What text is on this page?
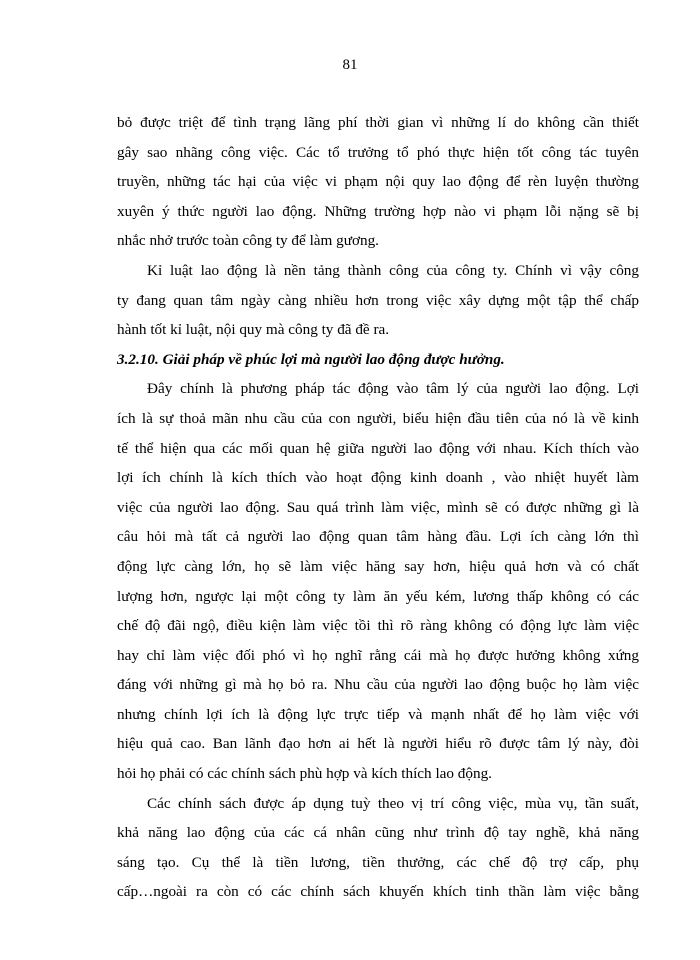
81

bỏ được triệt để tình trạng lãng phí thời gian vì những lí do không cần thiết
gây sao nhãng công việc. Các tổ trưởng tổ phó thực hiện tốt công tác tuyên
truyền, những tác hại của việc vi phạm nội quy lao động để rèn luyện thường
xuyên ý thức người lao động. Những trường hợp nào vi phạm lỗi nặng sẽ bị
nhắc nhở trước toàn công ty để làm gương.

Kỉ luật lao động là nền tảng thành công của công ty. Chính vì vậy công
ty đang quan tâm ngày càng nhiều hơn trong việc xây dựng một tập thể chấp
hành tốt kỉ luật, nội quy mà công ty đã đề ra.

3.2.10. Giải pháp về phúc lợi mà người lao động được hưởng.

Đây chính là phương pháp tác động vào tâm lý của người lao động. Lợi
ích là sự thoả mãn nhu cầu của con người, biểu hiện đầu tiên của nó là về kinh
tế thể hiện qua các mối quan hệ giữa người lao động với nhau. Kích thích vào
lợi ích chính là kích thích vào hoạt động kinh doanh , vào nhiệt huyết làm
việc của người lao động. Sau quá trình làm việc, mình sẽ có được những gì là
câu hỏi mà tất cả người lao động quan tâm hàng đầu. Lợi ích càng lớn thì
động lực càng lớn, họ sẽ làm việc hăng say hơn, hiệu quả hơn và có chất
lượng hơn, ngược lại một công ty làm ăn yếu kém, lương thấp không có các
chế độ đãi ngộ, điều kiện làm việc tồi thì rõ ràng không có động lực làm việc
hay chỉ làm việc đối phó vì họ nghĩ rằng cái mà họ được hưởng không xứng
đáng với những gì mà họ bỏ ra. Nhu cầu của người lao động buộc họ làm việc
nhưng chính lợi ích là động lực trực tiếp và mạnh nhất để họ làm việc với
hiệu quả cao. Ban lãnh đạo hơn ai hết là người hiểu rõ được tâm lý này, đòi
hỏi họ phải có các chính sách phù hợp và kích thích lao động.

Các chính sách được áp dụng tuỳ theo vị trí công việc, mùa vụ, tần suất,
khả năng lao động của các cá nhân cũng như trình độ tay nghề, khả năng
sáng tạo. Cụ thể là tiền lương, tiền thưởng, các chế độ trợ cấp, phụ
cấp…ngoài ra còn có các chính sách khuyến khích tinh thần làm việc bằng
